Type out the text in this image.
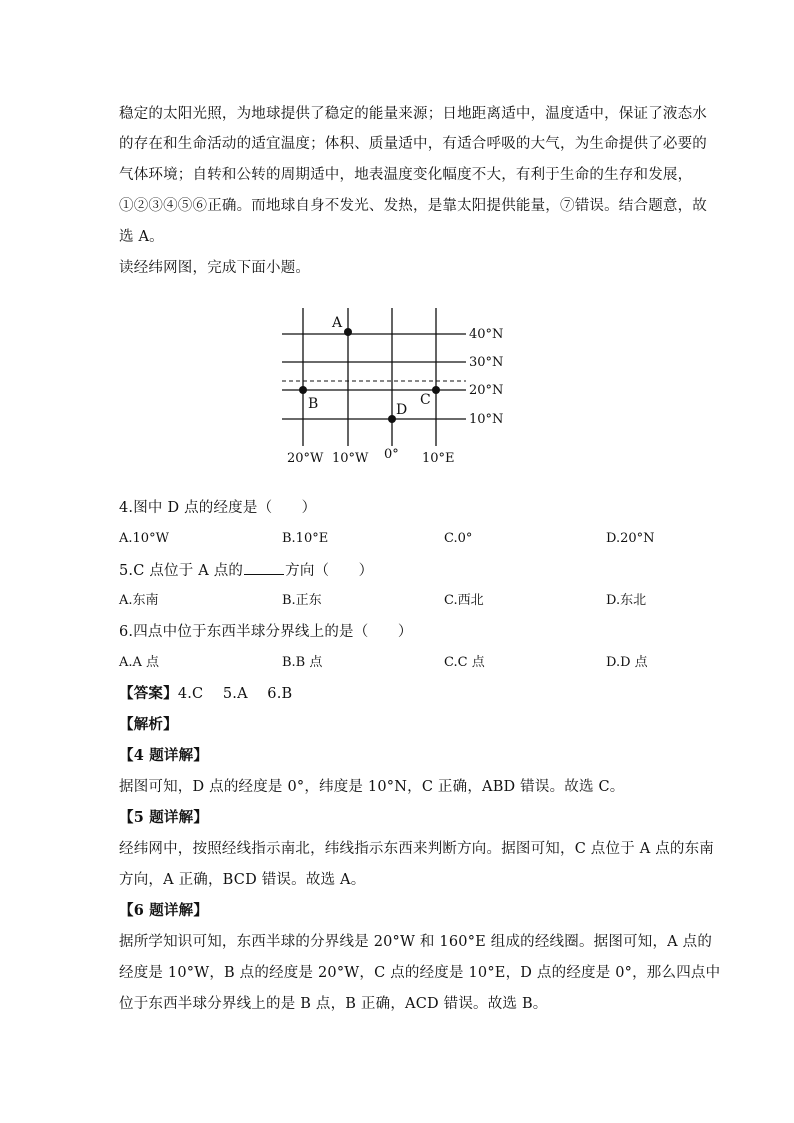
稳定的太阳光照，为地球提供了稳定的能量来源；日地距离适中，温度适中，保证了液态水
的存在和生命活动的适宜温度；体积、质量适中，有适合呼吸的大气，为生命提供了必要的
气体环境；自转和公转的周期适中，地表温度变化幅度不大，有利于生命的生存和发展，
①②③④⑤⑥正确。而地球自身不发光、发热，是靠太阳提供能量，⑦错误。结合题意，故
选 A。
读经纬网图，完成下面小题。
A
B	C
D
40°N
30°N
20°N
10°N
20°W 10°W 0° 10°E
4.图中 D 点的经度是（　　）
A.10°W	B.10°E	C.0°	D.20°N
5.C 点位于 A 点的	方向（　　）
A.东南	B.正东	C.西北	D.东北
6.四点中位于东西半球分界线上的是（　　）
A.A 点	B.B 点	C.C 点	D.D 点
【答案】4.C　 5.A　 6.B
【解析】
【4 题详解】
据图可知，D 点的经度是 0°，纬度是 10°N，C 正确，ABD 错误。故选 C。
【5 题详解】
经纬网中，按照经线指示南北，纬线指示东西来判断方向。据图可知，C 点位于 A 点的东南
方向，A 正确，BCD 错误。故选 A。
【6 题详解】
据所学知识可知，东西半球的分界线是 20°W 和 160°E 组成的经线圈。据图可知，A 点的
经度是 10°W，B 点的经度是 20°W，C 点的经度是 10°E，D 点的经度是 0°，那么四点中
位于东西半球分界线上的是 B 点，B 正确，ACD 错误。故选 B。
